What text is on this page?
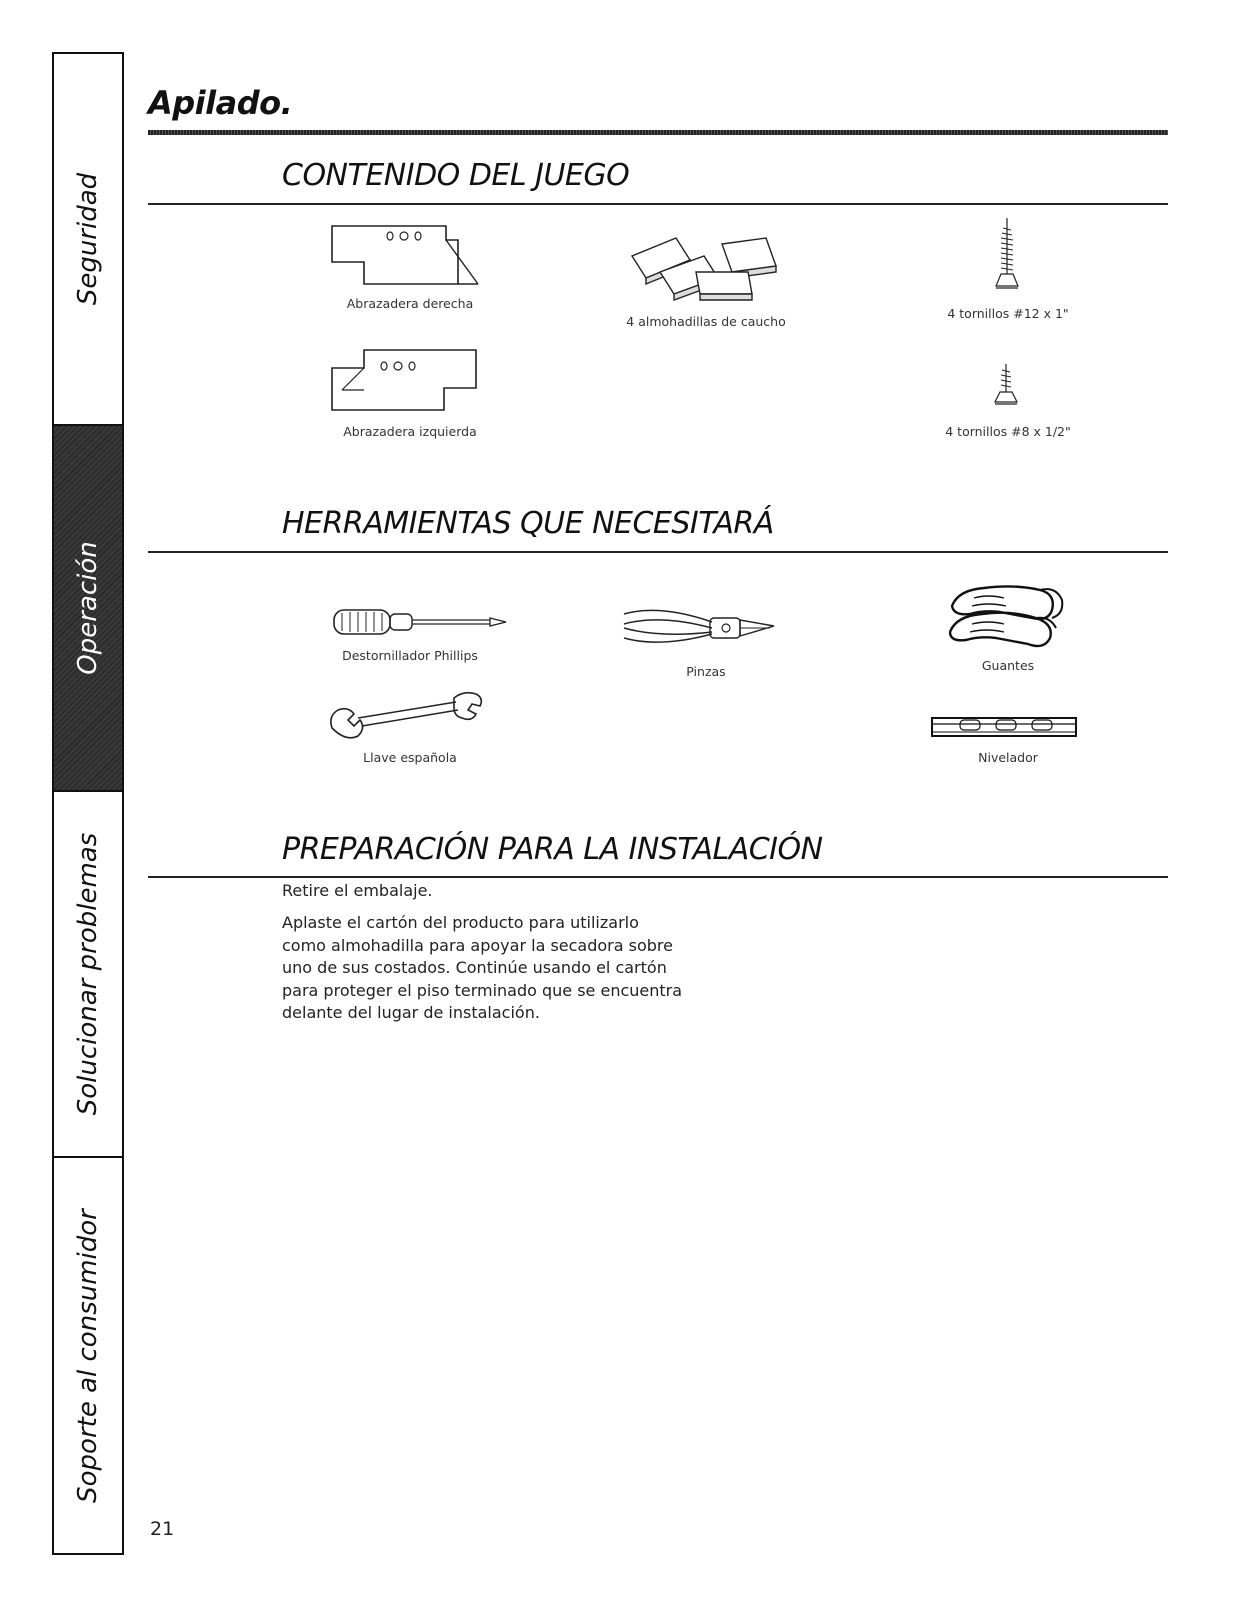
Seguridad
Operación
Solucionar problemas
Soporte al consumidor
Apilado.
CONTENIDO DEL JUEGO
Abrazadera derecha
Abrazadera izquierda
4 almohadillas de caucho
4 tornillos #12 x 1"
4 tornillos #8 x 1/2"
HERRAMIENTAS QUE NECESITARÁ
Destornillador Phillips
Pinzas	Guantes
Llave española	Nivelador
PREPARACIÓN PARA LA INSTALACIÓN
Retire el embalaje.
Aplaste el cartón del producto para utilizarlo
como almohadilla para apoyar la secadora sobre
uno de sus costados. Continúe usando el cartón
para proteger el piso terminado que se encuentra
delante del lugar de instalación.
21
